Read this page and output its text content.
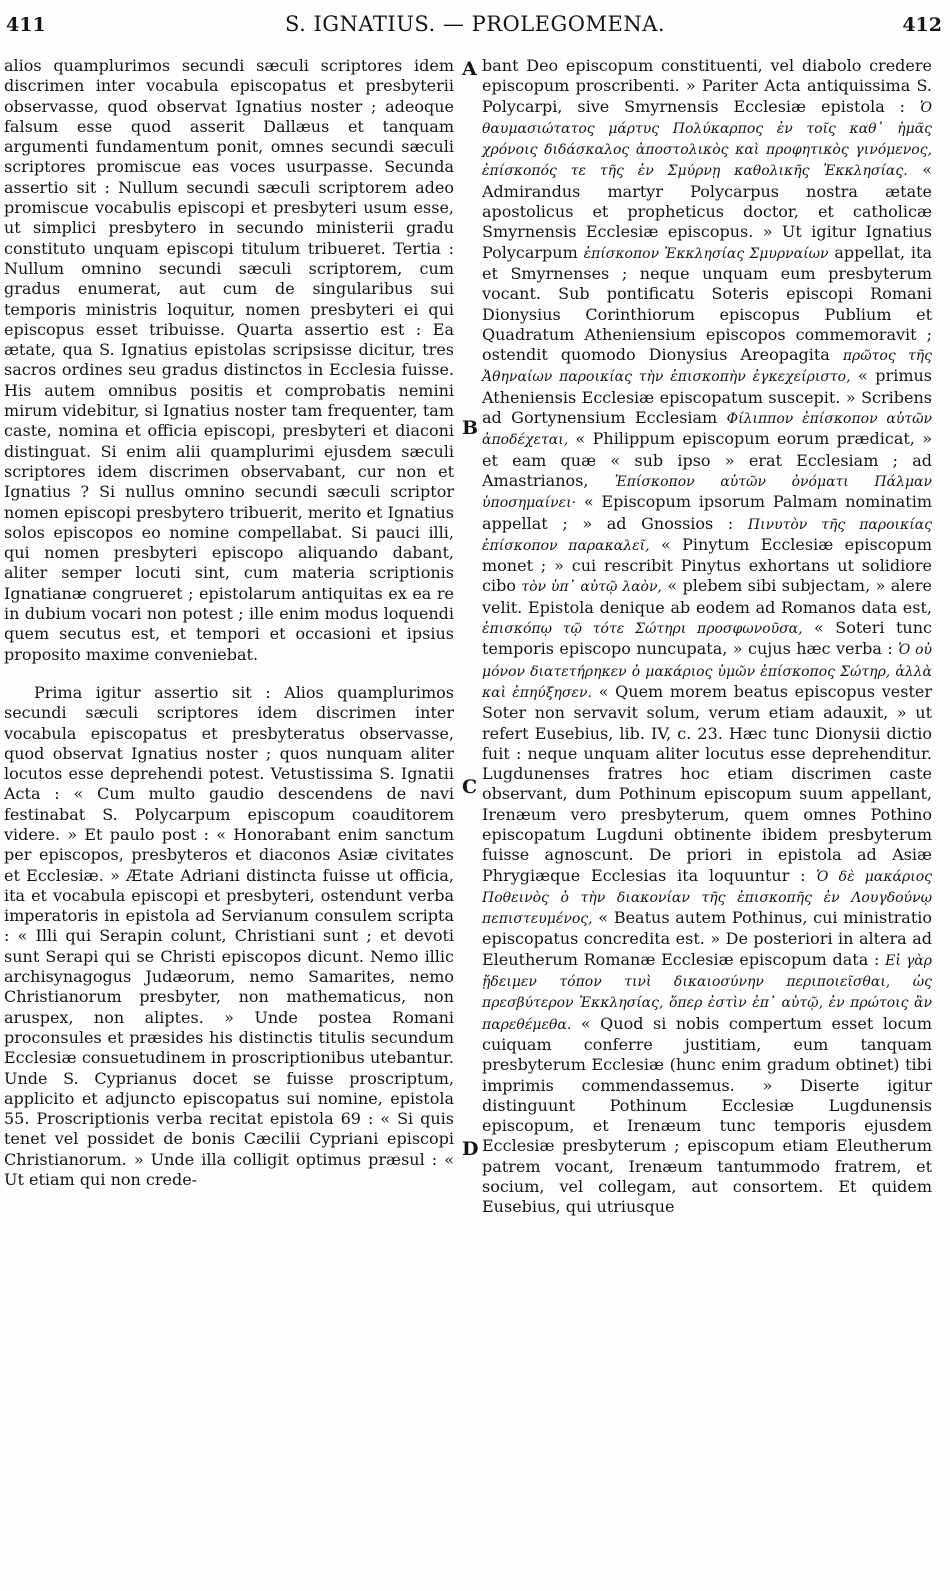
411	S. IGNATIUS. — PROLEGOMENA.	412
A
B
C
D

alios quamplurimos secundi sæculi scriptores idem discrimen inter vocabula episcopatus et presbyterii observasse, quod observat Ignatius noster ; adeoque falsum esse quod asserit Dallæus et tanquam argumenti fundamentum ponit, omnes secundi sæculi scriptores promiscue eas voces usurpasse. Secunda assertio sit : Nullum secundi sæculi scriptorem adeo promiscue vocabulis episcopi et presbyteri usum esse, ut simplici presbytero in secundo ministerii gradu constituto unquam episcopi titulum tribueret. Tertia : Nullum omnino secundi sæculi scriptorem, cum gradus enumerat, aut cum de singularibus sui temporis ministris loquitur, nomen presbyteri ei qui episcopus esset tribuisse. Quarta assertio est : Ea ætate, qua S. Ignatius epistolas scripsisse dicitur, tres sacros ordines seu gradus distinctos in Ecclesia fuisse. His autem omnibus positis et comprobatis nemini mirum videbitur, si Ignatius noster tam frequenter, tam caste, nomina et officia episcopi, presbyteri et diaconi distinguat. Si enim alii quamplurimi ejusdem sæculi scriptores idem discrimen observabant, cur non et Ignatius ? Si nullus omnino secundi sæculi scriptor nomen episcopi presbytero tribuerit, merito et Ignatius solos episcopos eo nomine compellabat. Si pauci illi, qui nomen presbyteri episcopo aliquando dabant, aliter semper locuti sint, cum materia scriptionis Ignatianæ congrueret ; epistolarum antiquitas ex ea re in dubium vocari non potest ; ille enim modus loquendi quem secutus est, et tempori et occasioni et ipsius proposito maxime conveniebat.

Prima igitur assertio sit : Alios quamplurimos secundi sæculi scriptores idem discrimen inter vocabula episcopatus et presbyteratus observasse, quod observat Ignatius noster ; quos nunquam aliter locutos esse deprehendi potest. Vetustissima S. Ignatii Acta : « Cum multo gaudio descendens de navi festinabat S. Polycarpum episcopum coauditorem videre. » Et paulo post : « Honorabant enim sanctum per episcopos, presbyteros et diaconos Asiæ civitates et Ecclesiæ. » Ætate Adriani distincta fuisse ut officia, ita et vocabula episcopi et presbyteri, ostendunt verba imperatoris in epistola ad Servianum consulem scripta : « Illi qui Serapin colunt, Christiani sunt ; et devoti sunt Serapi qui se Christi episcopos dicunt. Nemo illic archisynagogus Judæorum, nemo Samarites, nemo Christianorum presbyter, non mathematicus, non aruspex, non aliptes. » Unde postea Romani proconsules et præsides his distinctis titulis secundum Ecclesiæ consuetudinem in proscriptionibus utebantur. Unde S. Cyprianus docet se fuisse proscriptum, applicito et adjuncto episcopatus sui nomine, epistola 55. Proscriptionis verba recitat epistola 69 : « Si quis tenet vel possidet de bonis Cæcilii Cypriani episcopi Christianorum. » Unde illa colligit optimus præsul : « Ut etiam qui non crede-

bant Deo episcopum constituenti, vel diabolo credere episcopum proscribenti. » Pariter Acta antiquissima S. Polycarpi, sive Smyrnensis Ecclesiæ epistola : Ὁ θαυμασιώτατος μάρτυς Πολύκαρπος ἐν τοῖς καθ᾽ ἡμᾶς χρόνοις διδάσκαλος ἀποστολικὸς καὶ προφητικὸς γινόμενος, ἐπίσκοπός τε τῆς ἐν Σμύρνῃ καθολικῆς Ἐκκλησίας. « Admirandus martyr Polycarpus nostra ætate apostolicus et propheticus doctor, et catholicæ Smyrnensis Ecclesiæ episcopus. » Ut igitur Ignatius Polycarpum ἐπίσκοπον Ἐκκλησίας Σμυρναίων appellat, ita et Smyrnenses ; neque unquam eum presbyterum vocant. Sub pontificatu Soteris episcopi Romani Dionysius Corinthiorum episcopus Publium et Quadratum Atheniensium episcopos commemoravit ; ostendit quomodo Dionysius Areopagita πρῶτος τῆς Ἀθηναίων παροικίας τὴν ἐπισκοπὴν ἐγκεχείριστο, « primus Atheniensis Ecclesiæ episcopatum suscepit. » Scribens ad Gortynensium Ecclesiam Φίλιππον ἐπίσκοπον αὐτῶν ἀποδέχεται, « Philippum episcopum eorum prædicat, » et eam quæ « sub ipso » erat Ecclesiam ; ad Amastrianos, Ἐπίσκοπον αὐτῶν ὀνόματι Πάλμαν ὑποσημαίνει· « Episcopum ipsorum Palmam nominatim appellat ; » ad Gnossios : Πινυτὸν τῆς παροικίας ἐπίσκοπον παρακαλεῖ, « Pinytum Ecclesiæ episcopum monet ; » cui rescribit Pinytus exhortans ut solidiore cibo τὸν ὑπ᾽ αὐτῷ λαὸν, « plebem sibi subjectam, » alere velit. Epistola denique ab eodem ad Romanos data est, ἐπισκόπῳ τῷ τότε Σώτηρι προσφωνοῦσα, « Soteri tunc temporis episcopo nuncupata, » cujus hæc verba : Ὁ οὐ μόνον διατετήρηκεν ὁ μακάριος ὑμῶν ἐπίσκοπος Σώτηρ, ἀλλὰ καὶ ἐπηύξησεν. « Quem morem beatus episcopus vester Soter non servavit solum, verum etiam adauxit, » ut refert Eusebius, lib. IV, c. 23. Hæc tunc Dionysii dictio fuit : neque unquam aliter locutus esse deprehenditur. Lugdunenses fratres hoc etiam discrimen caste observant, dum Pothinum episcopum suum appellant, Irenæum vero presbyterum, quem omnes Pothino episcopatum Lugduni obtinente ibidem presbyterum fuisse agnoscunt. De priori in epistola ad Asiæ Phrygiæque Ecclesias ita loquuntur : Ὁ δὲ μακάριος Ποθεινὸς ὁ τὴν διακονίαν τῆς ἐπισκοπῆς ἐν Λουγδούνῳ πεπιστευμένος, « Beatus autem Pothinus, cui ministratio episcopatus concredita est. » De posteriori in altera ad Eleutherum Romanæ Ecclesiæ episcopum data : Εἰ γὰρ ᾔδειμεν τόπον τινὶ δικαιοσύνην περιποιεῖσθαι, ὡς πρεσβύτερον Ἐκκλησίας, ὅπερ ἐστὶν ἐπ᾽ αὐτῷ, ἐν πρώτοις ἂν παρεθέμεθα. « Quod si nobis compertum esset locum cuiquam conferre justitiam, eum tanquam presbyterum Ecclesiæ (hunc enim gradum obtinet) tibi imprimis commendassemus. » Diserte igitur distinguunt Pothinum Ecclesiæ Lugdunensis episcopum, et Irenæum tunc temporis ejusdem Ecclesiæ presbyterum ; episcopum etiam Eleutherum patrem vocant, Irenæum tantummodo fratrem, et socium, vel collegam, aut consortem. Et quidem Eusebius, qui utriusque
